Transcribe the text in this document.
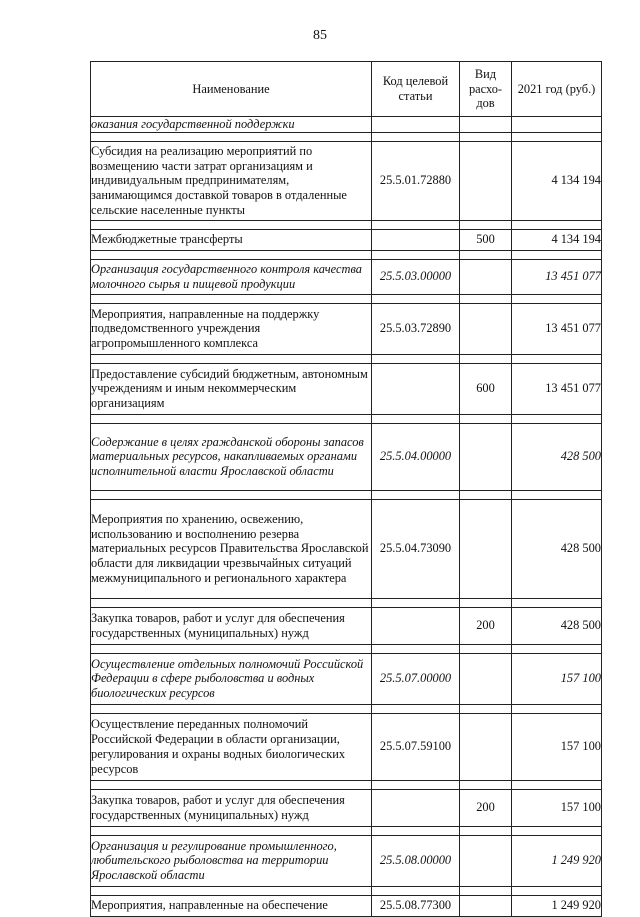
85
Наименование	Код целевой статьи	Вид расхо-дов	2021 год (руб.)
оказания государственной поддержки			

Субсидия на реализацию мероприятий по возмещению части затрат организациям и индивидуальным предпринимателям, занимающимся доставкой товаров в отдаленные сельские населенные пункты	25.5.01.72880		4 134 194

Межбюджетные трансферты		500	4 134 194

Организация государственного контроля качества молочного сырья и пищевой продукции	25.5.03.00000		13 451 077

Мероприятия, направленные на поддержку подведомственного учреждения агропромышленного комплекса	25.5.03.72890		13 451 077

Предоставление субсидий бюджетным, автономным учреждениям и иным некоммерческим организациям		600	13 451 077

Содержание в целях гражданской обороны запасов материальных ресурсов, накапливаемых органами исполнительной власти Ярославской области	25.5.04.00000		428 500

Мероприятия по хранению, освежению, использованию и восполнению резерва материальных ресурсов Правительства Ярославской области для ликвидации чрезвычайных ситуаций межмуниципального и регионального характера	25.5.04.73090		428 500

Закупка товаров, работ и услуг для обеспечения государственных (муниципальных) нужд		200	428 500

Осуществление отдельных полномочий Российской Федерации в сфере рыболовства и водных биологических ресурсов	25.5.07.00000		157 100

Осуществление переданных полномочий Российской Федерации в области организации, регулирования и охраны водных биологических ресурсов	25.5.07.59100		157 100

Закупка товаров, работ и услуг для обеспечения государственных (муниципальных) нужд		200	157 100

Организация и регулирование промышленного, любительского рыболовства на территории Ярославской области	25.5.08.00000		1 249 920

Мероприятия, направленные на обеспечение	25.5.08.77300		1 249 920
